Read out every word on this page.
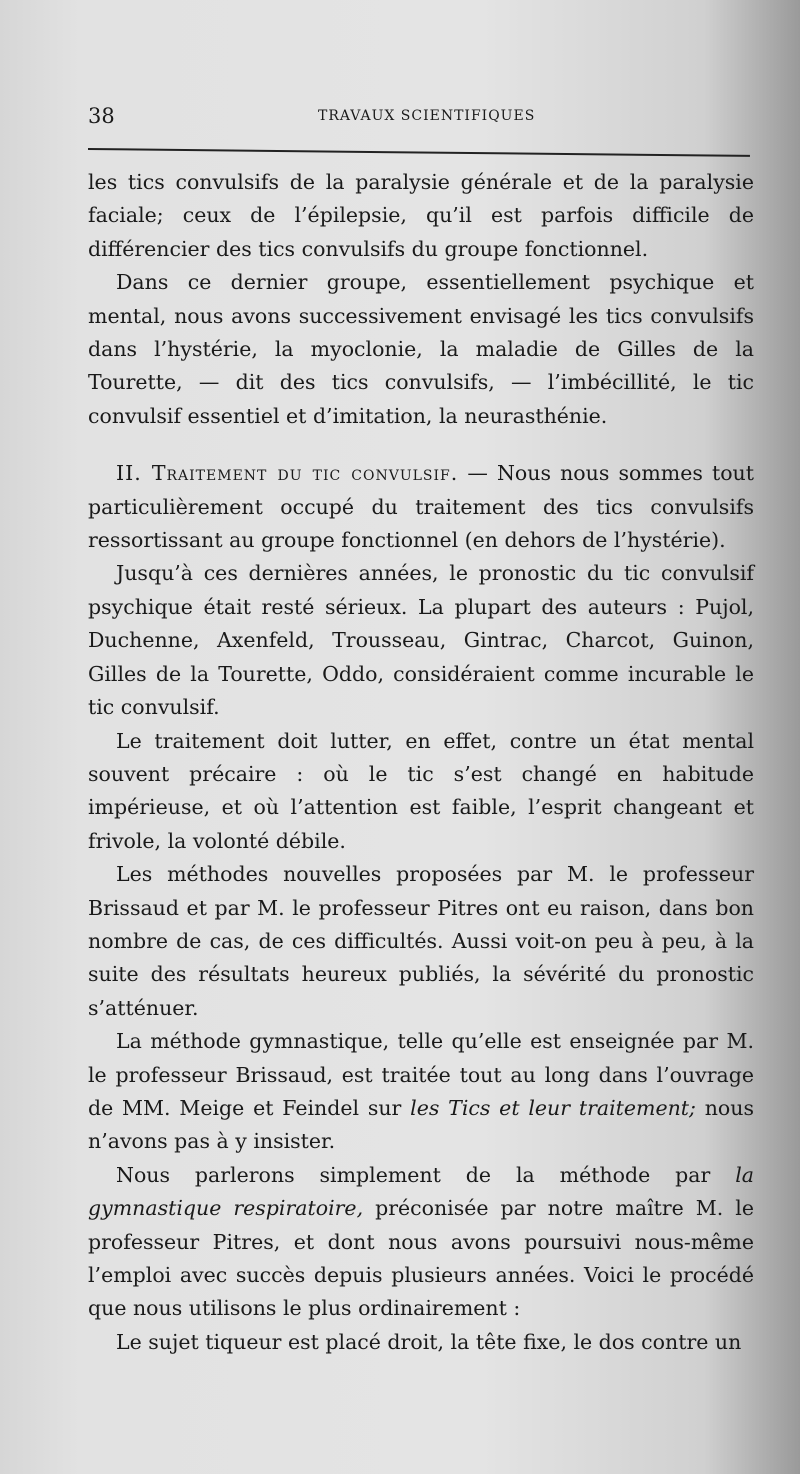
38	TRAVAUX SCIENTIFIQUES

les tics convulsifs de la paralysie générale et de la paralysie faciale; ceux de l’épilepsie, qu’il est parfois difficile de différencier des tics convulsifs du groupe fonctionnel.

Dans ce dernier groupe, essentiellement psychique et mental, nous avons successivement envisagé les tics convulsifs dans l’hystérie, la myoclonie, la maladie de Gilles de la Tourette, — dit des tics convulsifs, — l’imbécillité, le tic convulsif essentiel et d’imitation, la neurasthénie.

II. Traitement du tic convulsif. — Nous nous sommes tout particulièrement occupé du traitement des tics convulsifs ressortissant au groupe fonctionnel (en dehors de l’hystérie).

Jusqu’à ces dernières années, le pronostic du tic convulsif psychique était resté sérieux. La plupart des auteurs : Pujol, Duchenne, Axenfeld, Trousseau, Gintrac, Charcot, Guinon, Gilles de la Tourette, Oddo, considéraient comme incurable le tic convulsif.

Le traitement doit lutter, en effet, contre un état mental souvent précaire : où le tic s’est changé en habitude impérieuse, et où l’attention est faible, l’esprit changeant et frivole, la volonté débile.

Les méthodes nouvelles proposées par M. le professeur Brissaud et par M. le professeur Pitres ont eu raison, dans bon nombre de cas, de ces difficultés. Aussi voit-on peu à peu, à la suite des résultats heureux publiés, la sévérité du pronostic s’atténuer.

La méthode gymnastique, telle qu’elle est enseignée par M. le professeur Brissaud, est traitée tout au long dans l’ouvrage de MM. Meige et Feindel sur les Tics et leur traitement; nous n’avons pas à y insister.

Nous parlerons simplement de la méthode par la gymnastique respiratoire, préconisée par notre maître M. le professeur Pitres, et dont nous avons poursuivi nous-même l’emploi avec succès depuis plusieurs années. Voici le procédé que nous utilisons le plus ordinairement :

Le sujet tiqueur est placé droit, la tête fixe, le dos contre un
